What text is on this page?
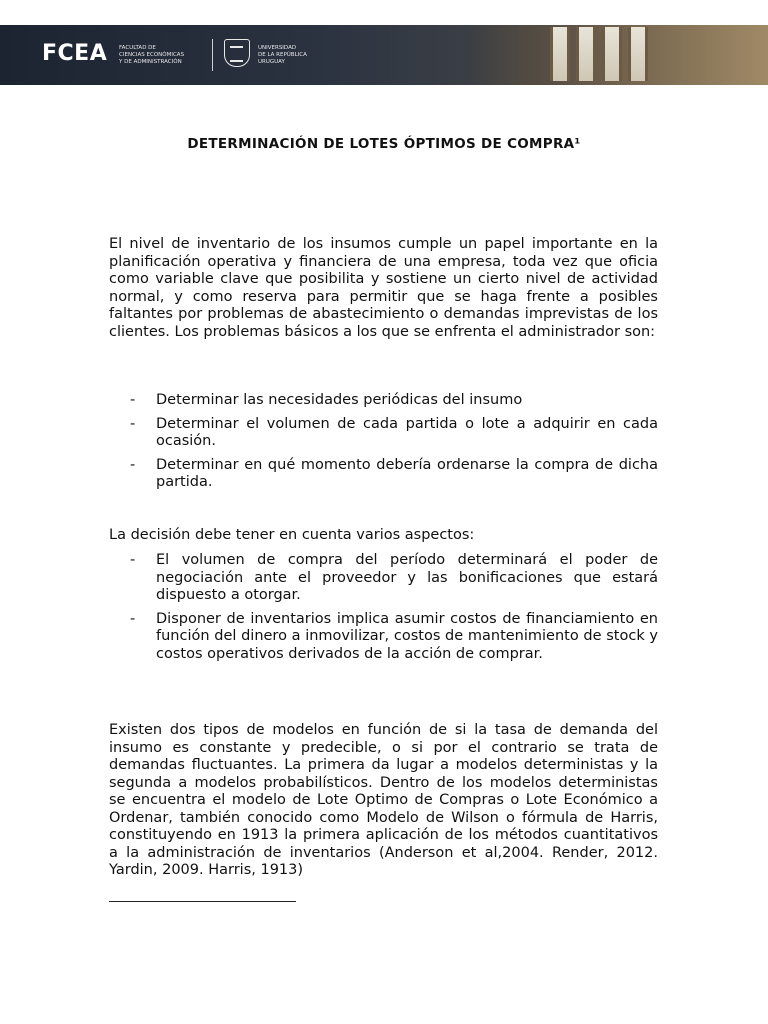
FCEA FACULTAD DE
CIENCIAS ECONÓMICAS
Y DE ADMINISTRACIÓN
UNIVERSIDAD
DE LA REPÚBLICA
URUGUAY
DETERMINACIÓN DE LOTES ÓPTIMOS DE COMPRA¹
El nivel de inventario de los insumos cumple un papel importante en la planificación operativa y financiera de una empresa, toda vez que oficia como variable clave que posibilita y sostiene un cierto nivel de actividad normal, y como reserva para permitir que se haga frente a posibles faltantes por problemas de abastecimiento o demandas imprevistas de los clientes. Los problemas básicos a los que se enfrenta el administrador son:
- Determinar las necesidades periódicas del insumo
- Determinar el volumen de cada partida o lote a adquirir en cada ocasión.
- Determinar en qué momento debería ordenarse la compra de dicha partida.
La decisión debe tener en cuenta varios aspectos:
- El volumen de compra del período determinará el poder de negociación ante el proveedor y las bonificaciones que estará dispuesto a otorgar.
- Disponer de inventarios implica asumir costos de financiamiento en función del dinero a inmovilizar, costos de mantenimiento de stock y costos operativos derivados de la acción de comprar.
Existen dos tipos de modelos en función de si la tasa de demanda del insumo es constante y predecible, o si por el contrario se trata de demandas fluctuantes. La primera da lugar a modelos deterministas y la segunda a modelos probabilísticos. Dentro de los modelos deterministas se encuentra el modelo de Lote Optimo de Compras o Lote Económico a Ordenar, también conocido como Modelo de Wilson o fórmula de Harris, constituyendo en 1913 la primera aplicación de los métodos cuantitativos a la administración de inventarios (Anderson et al,2004. Render, 2012. Yardin, 2009. Harris, 1913)
